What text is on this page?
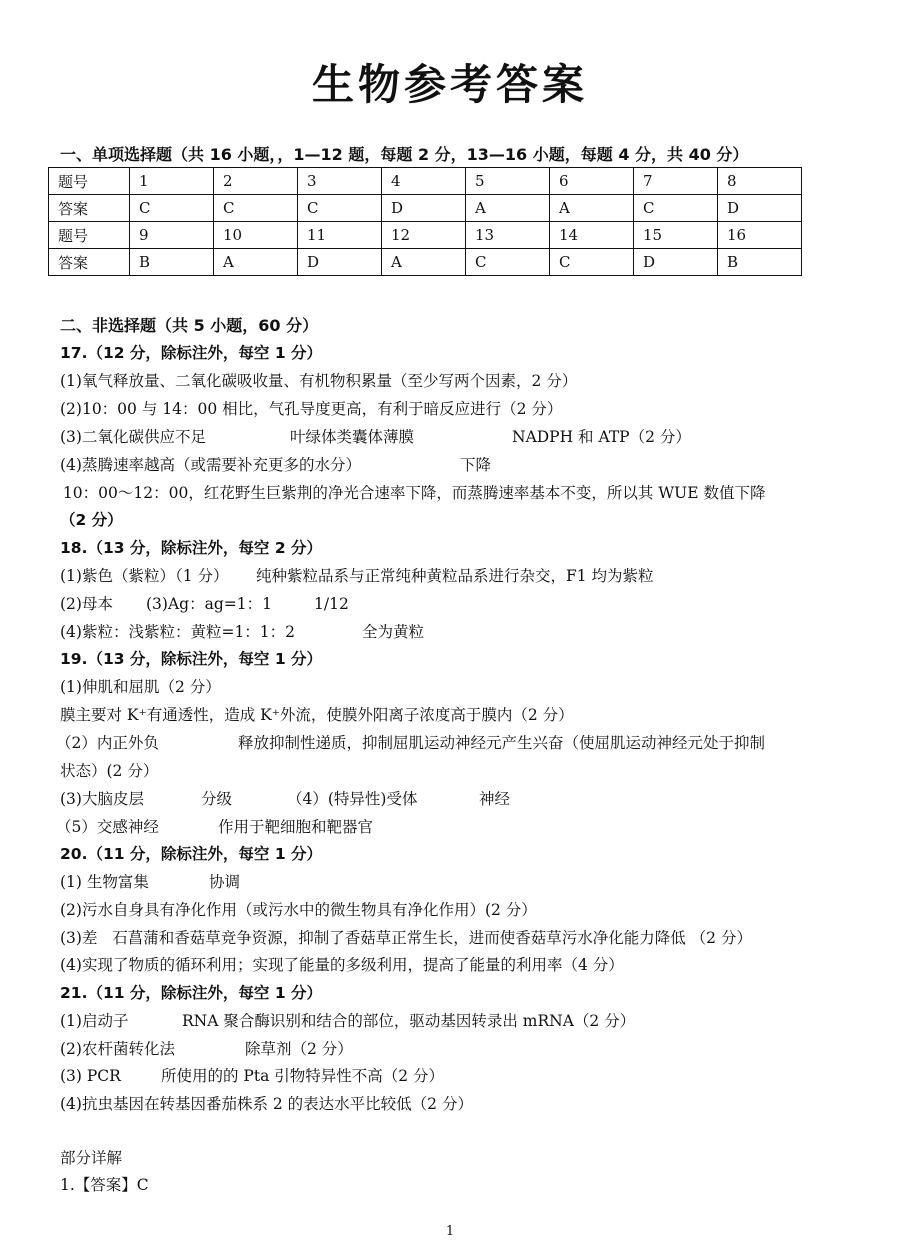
生物参考答案
一、单项选择题（共 16 小题，，1—12 题，每题 2 分，13—16 小题，每题 4 分，共 40 分）
题号	1	2	3	4	5	6	7	8
答案	C	C	C	D	A	A	C	D
题号	9	10	11	12	13	14	15	16
答案	B	A	D	A	C	C	D	B
二、非选择题（共 5 小题，60 分）
17.（12 分，除标注外，每空 1 分）
(1)氧气释放量、二氧化碳吸收量、有机物积累量（至少写两个因素，2 分）
(2)10：00 与 14：00 相比，气孔导度更高，有利于暗反应进行（2 分）
(3)二氧化碳供应不足	叶绿体类囊体薄膜	NADPH 和 ATP（2 分）
(4)蒸腾速率越高（或需要补充更多的水分）	下降
10：00～12：00，红花野生巨紫荆的净光合速率下降，而蒸腾速率基本不变，所以其 WUE 数值下降
（2 分）
18.（13 分，除标注外，每空 2 分）
(1)紫色（紫粒）（1 分） 纯种紫粒品系与正常纯种黄粒品系进行杂交，F1 均为紫粒
(2)母本 (3)Ag：ag=1：1	1/12
(4)紫粒：浅紫粒：黄粒=1：1：2	全为黄粒
19.（13 分，除标注外，每空 1 分）
(1)伸肌和屈肌（2 分）
膜主要对 K⁺有通透性，造成 K⁺外流，使膜外阳离子浓度高于膜内（2 分）
（2）内正外负	释放抑制性递质，抑制屈肌运动神经元产生兴奋（使屈肌运动神经元处于抑制
状态）(2 分）
(3)大脑皮层	分级	（4）(特异性)受体	神经
（5）交感神经	作用于靶细胞和靶器官
20.（11 分，除标注外，每空 1 分）
(1) 生物富集	协调
(2)污水自身具有净化作用（或污水中的微生物具有净化作用）(2 分）
(3)差   石菖蒲和香菇草竞争资源，抑制了香菇草正常生长，进而使香菇草污水净化能力降低 （2 分）
(4)实现了物质的循环利用；实现了能量的多级利用，提高了能量的利用率（4 分）
21.（11 分，除标注外，每空 1 分）
(1)启动子	RNA 聚合酶识别和结合的部位，驱动基因转录出 mRNA（2 分）
(2)农杆菌转化法	除草剂（2 分）
(3) PCR	所使用的的 Pta 引物特异性不高（2 分）
(4)抗虫基因在转基因番茄株系 2 的表达水平比较低（2 分）
部分详解
1.【答案】C
1
